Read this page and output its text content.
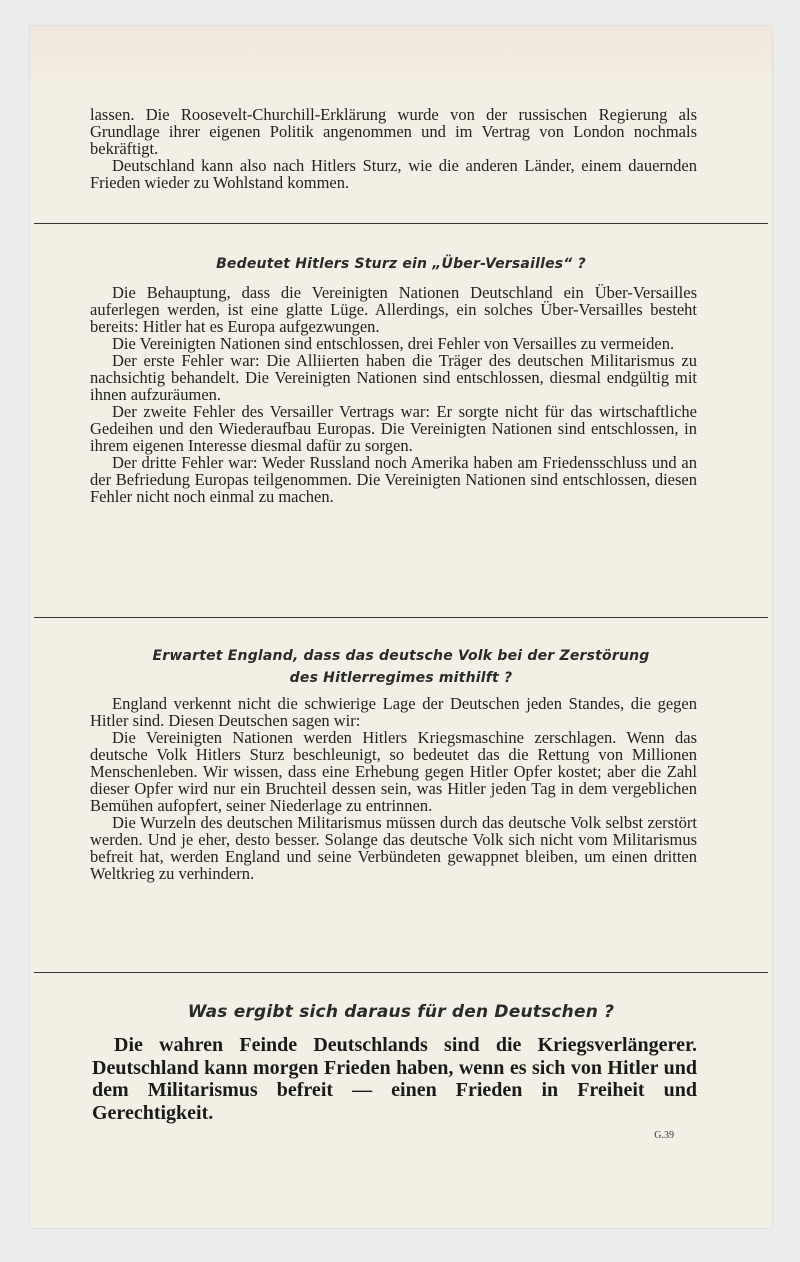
lassen. Die Roosevelt-Churchill-Erklärung wurde von der russischen Regierung als Grundlage ihrer eigenen Politik angenommen und im Vertrag von London nochmals bekräftigt.

Deutschland kann also nach Hitlers Sturz, wie die anderen Länder, einem dauernden Frieden wieder zu Wohlstand kommen.

Bedeutet Hitlers Sturz ein „Über-Versailles“ ?

Die Behauptung, dass die Vereinigten Nationen Deutschland ein Über-Versailles auferlegen werden, ist eine glatte Lüge. Allerdings, ein solches Über-Versailles besteht bereits: Hitler hat es Europa aufgezwungen.

Die Vereinigten Nationen sind entschlossen, drei Fehler von Versailles zu vermeiden.

Der erste Fehler war: Die Alliierten haben die Träger des deutschen Militarismus zu nachsichtig behandelt. Die Vereinigten Nationen sind entschlossen, diesmal endgültig mit ihnen aufzuräumen.

Der zweite Fehler des Versailler Vertrags war: Er sorgte nicht für das wirtschaftliche Gedeihen und den Wiederaufbau Europas. Die Vereinigten Nationen sind entschlossen, in ihrem eigenen Interesse diesmal dafür zu sorgen.

Der dritte Fehler war: Weder Russland noch Amerika haben am Friedensschluss und an der Befriedung Europas teilgenommen. Die Vereinigten Nationen sind entschlossen, diesen Fehler nicht noch einmal zu machen.

Erwartet England, dass das deutsche Volk bei der Zerstörung
des Hitlerregimes mithilft ?

England verkennt nicht die schwierige Lage der Deutschen jeden Standes, die gegen Hitler sind. Diesen Deutschen sagen wir:

Die Vereinigten Nationen werden Hitlers Kriegsmaschine zerschlagen. Wenn das deutsche Volk Hitlers Sturz beschleunigt, so bedeutet das die Rettung von Millionen Menschenleben. Wir wissen, dass eine Erhebung gegen Hitler Opfer kostet; aber die Zahl dieser Opfer wird nur ein Bruchteil dessen sein, was Hitler jeden Tag in dem vergeblichen Bemühen aufopfert, seiner Niederlage zu entrinnen.

Die Wurzeln des deutschen Militarismus müssen durch das deutsche Volk selbst zerstört werden. Und je eher, desto besser. Solange das deutsche Volk sich nicht vom Militarismus befreit hat, werden England und seine Verbündeten gewappnet bleiben, um einen dritten Weltkrieg zu verhindern.

Was ergibt sich daraus für den Deutschen ?
Die wahren Feinde Deutschlands sind die Kriegsverlängerer. Deutschland kann morgen Frieden haben, wenn es sich von Hitler und dem Militarismus befreit — einen Frieden in Freiheit und Gerechtigkeit.
G.39
